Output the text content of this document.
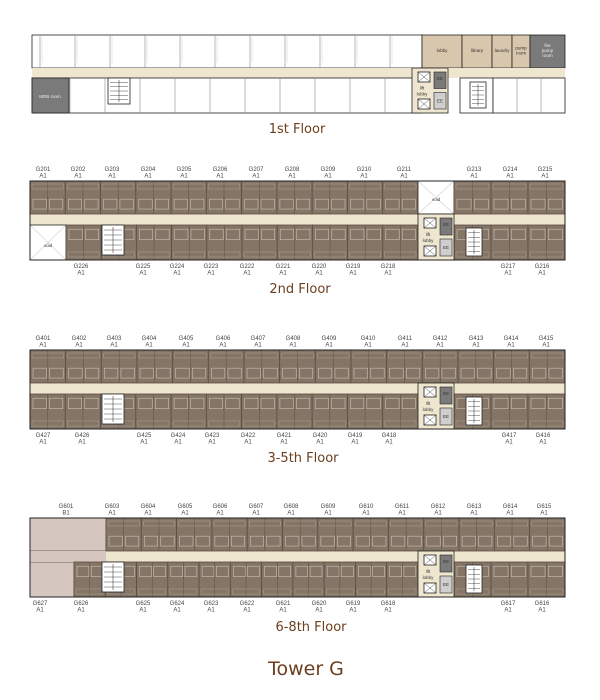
MDB room
lobby	library	laundry pump
room
fire
pump
room
lift
lobby
EE
EE
1st Floor
void
void
lift
lobby
EE
EE
G201
A1
G202
A1
G203
A1
G204
A1
G205
A1
G206
A1
G207
A1
G208
A1
G209
A1
G210
A1
G211
A1
G213
A1
G214
A1
G215
A1
G226
A1
G225
A1
G224
A1
G223
A1
G222
A1
G221
A1
G220
A1
G219
A1
G218
A1
G217
A1
G216
A1
2nd Floor
lift
lobby
EE
EE
G401
A1
G402
A1
G403
A1
G404
A1
G405
A1
G406
A1
G407
A1
G408
A1
G409
A1
G410
A1
G411
A1
G412
A1
G413
A1
G414
A1
G415
A1
G427
A1
G426
A1
G425
A1
G424
A1
G423
A1
G422
A1
G421
A1
G420
A1
G419
A1
G418
A1
G417
A1
G416
A1
3-5th Floor
lift
lobby
EE
EE
G601
B1
G603
A1
G604
A1
G605
A1
G606
A1
G607
A1
G608
A1
G609
A1
G610
A1
G611
A1
G612
A1
G613
A1
G614
A1
G615
A1
G627
A1
G626
A1
G625
A1
G624
A1
G623
A1
G622
A1
G621
A1
G620
A1
G619
A1
G618
A1
G617
A1
G616
A1
6-8th Floor
Tower G
